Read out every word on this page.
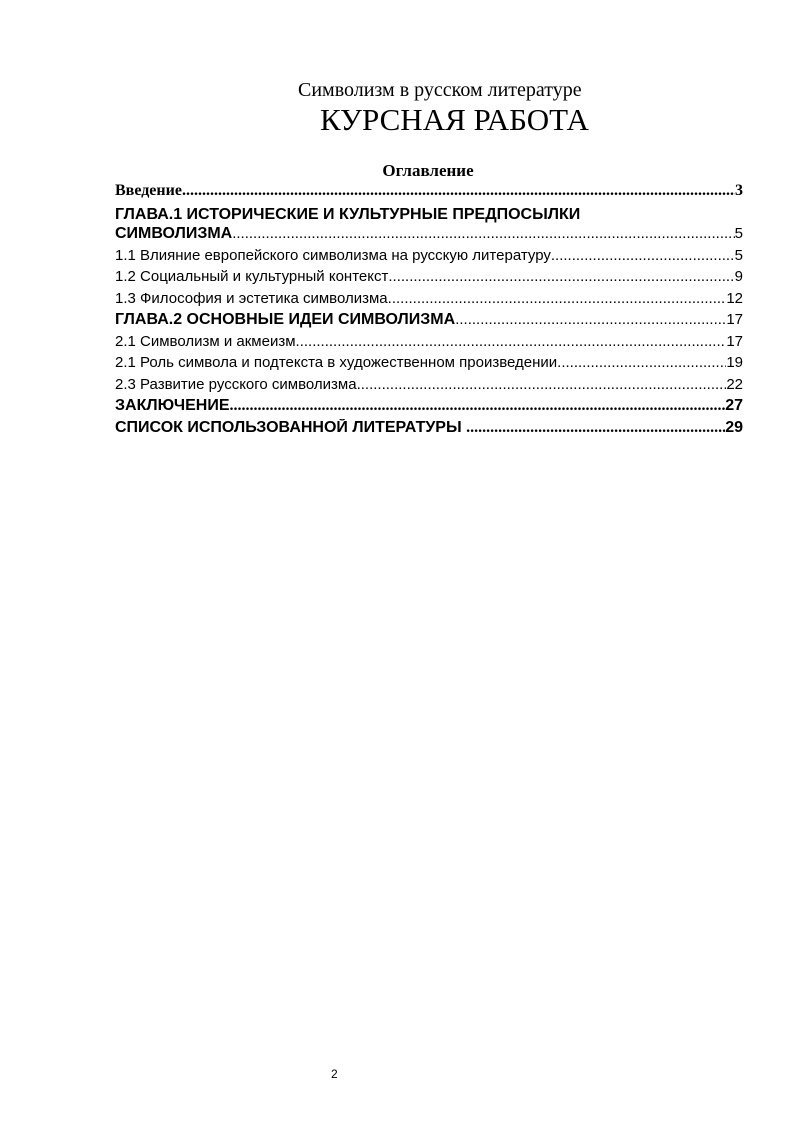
Символизм в русском литературе
КУРСНАЯ РАБОТА
Оглавление
Введение .....	3
ГЛАВА.1 ИСТОРИЧЕСКИЕ И КУЛЬТУРНЫЕ ПРЕДПОСЫЛКИ
СИМВОЛИЗМА .....	5
1.1 Влияние европейского символизма на русскую литературу .....	5
1.2 Социальный и культурный контекст .....	9
1.3 Философия и эстетика символизма .....	12
ГЛАВА.2 ОСНОВНЫЕ ИДЕИ СИМВОЛИЗМА .....	17
2.1 Символизм и акмеизм .....	17
2.1 Роль символа и подтекста в художественном произведении .....	19
2.3 Развитие русского символизма .....	22
ЗАКЛЮЧЕНИЕ .....	27
СПИСОК ИСПОЛЬЗОВАННОЙ ЛИТЕРАТУРЫ .....	29
2
